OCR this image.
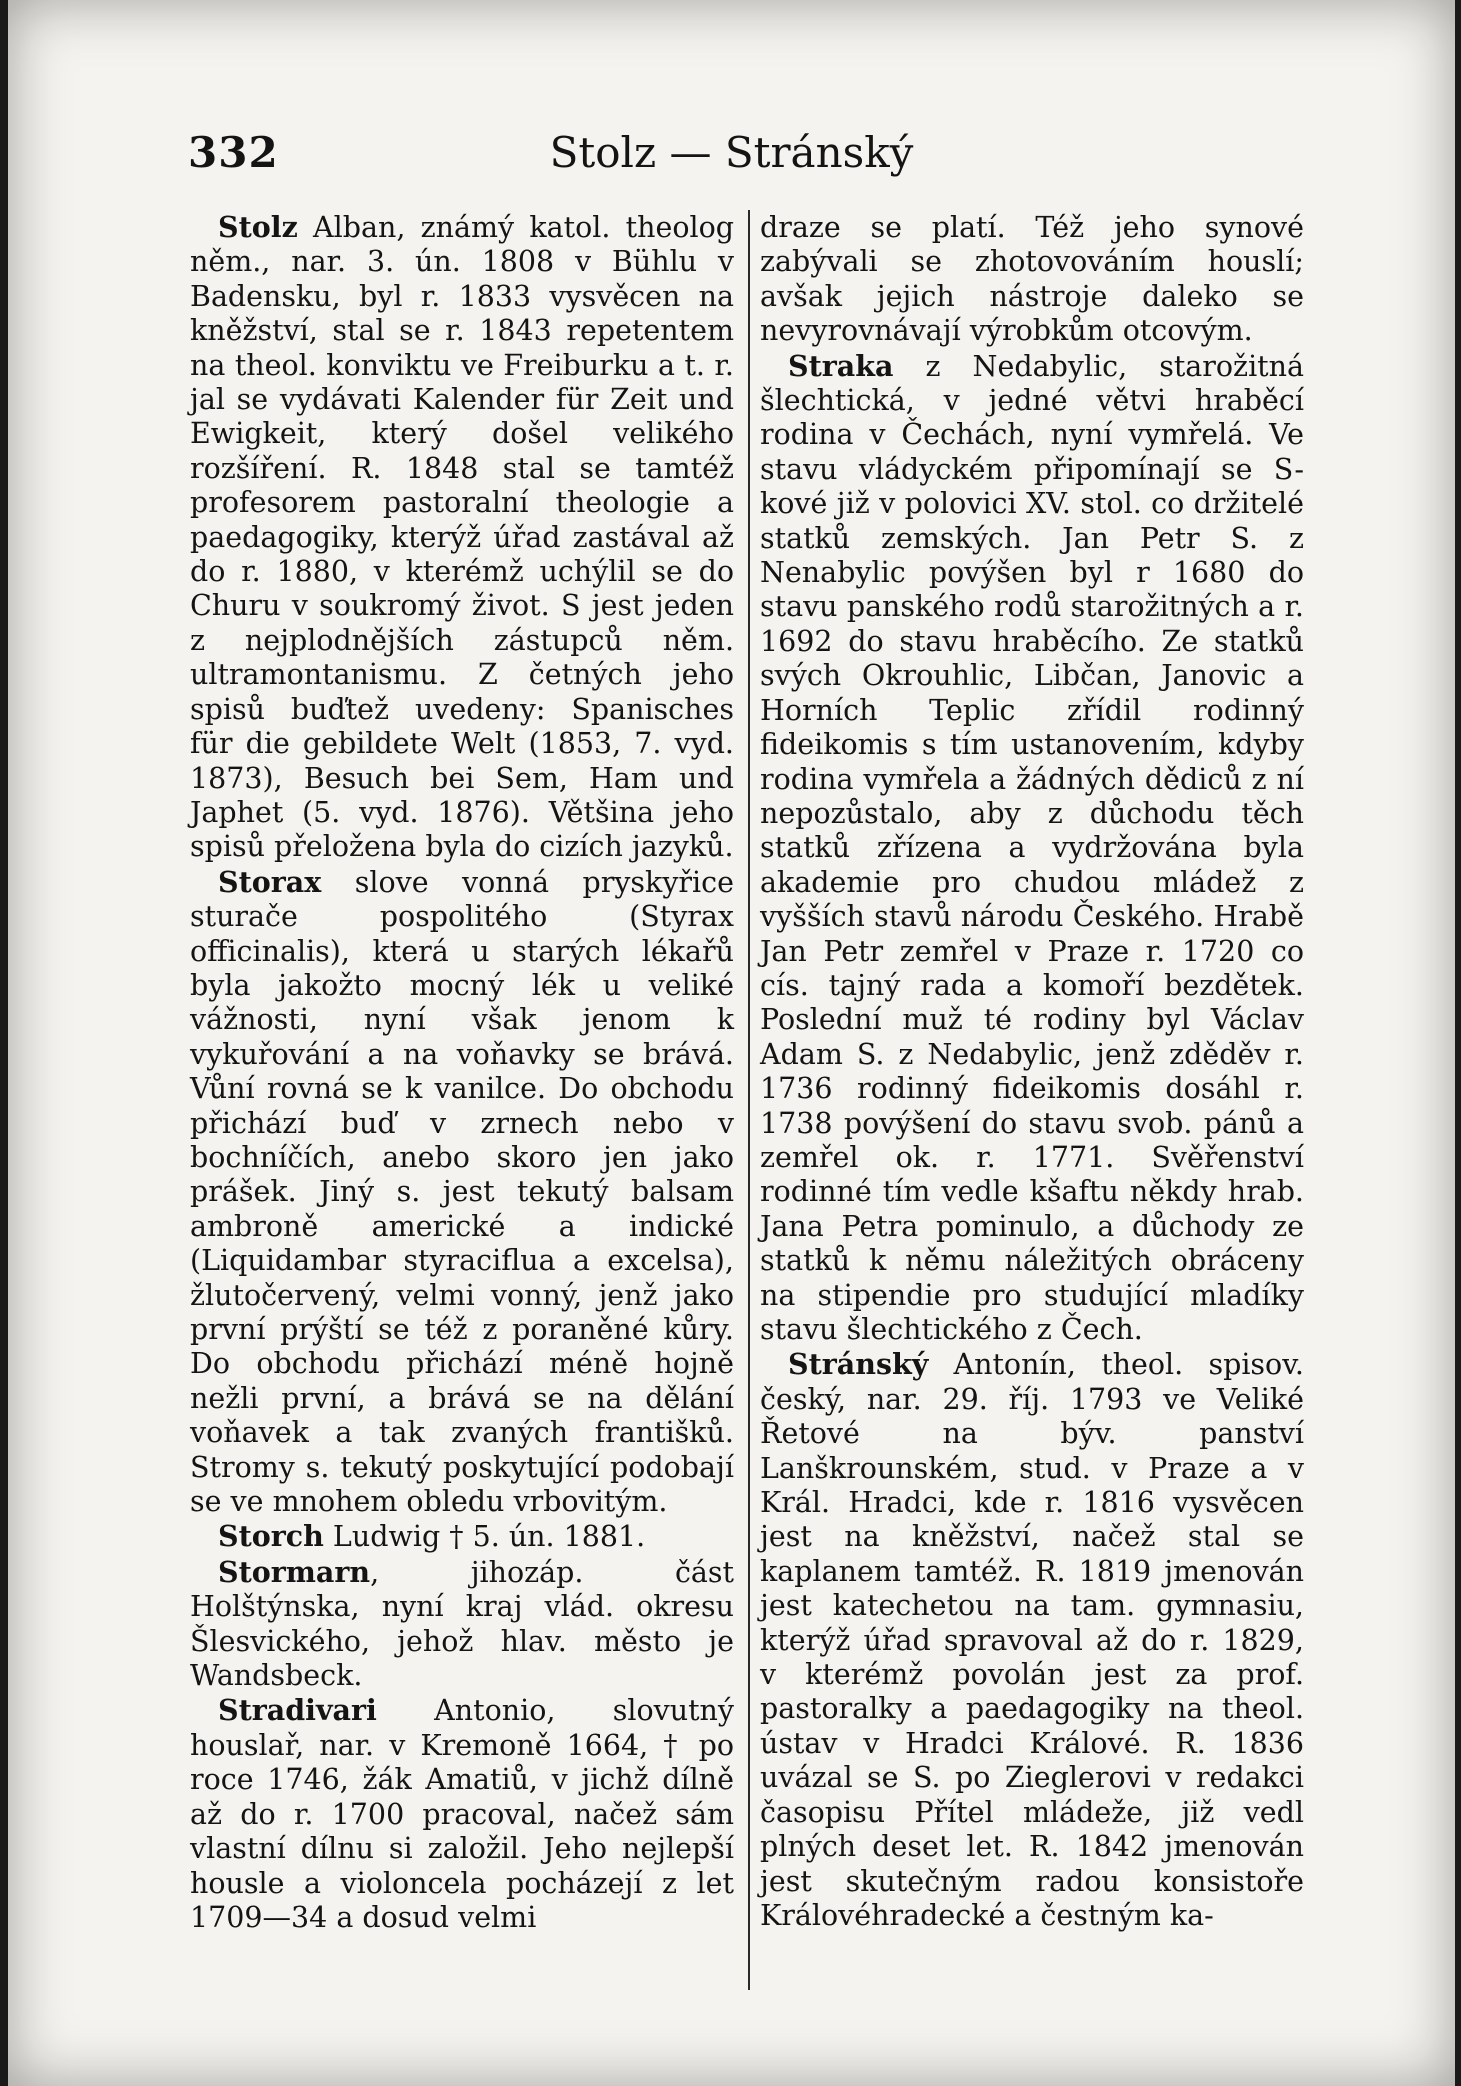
332	Stolz — Stránský

Stolz Alban, známý katol. theolog něm., nar. 3. ún. 1808 v Bühlu v Badensku, byl r. 1833 vysvěcen na kněžství, stal se r. 1843 repetentem na theol. konviktu ve Freiburku a t. r. jal se vydávati Kalender für Zeit und Ewigkeit, který došel velikého rozšíření. R. 1848 stal se tamtéž profesorem pastoralní theologie a paedagogiky, kterýž úřad zastával až do r. 1880, v kterémž uchýlil se do Churu v soukromý život. S jest jeden z nejplodnějších zástupců něm. ultramontanismu. Z četných jeho spisů buďtež uvedeny: Spanisches für die gebildete Welt (1853, 7. vyd. 1873), Besuch bei Sem, Ham und Japhet (5. vyd. 1876). Většina jeho spisů přeložena byla do cizích jazyků.

Storax slove vonná pryskyřice sturače pospolitého (Styrax officinalis), která u starých lékařů byla jakožto mocný lék u veliké vážnosti, nyní však jenom k vykuřování a na voňavky se brává. Vůní rovná se k vanilce. Do obchodu přichází buď v zrnech nebo v bochníčích, anebo skoro jen jako prášek. Jiný s. jest tekutý balsam ambroně americké a indické (Liquidambar styraciflua a excelsa), žlutočervený, velmi vonný, jenž jako první prýští se též z poraněné kůry. Do obchodu přichází méně hojně nežli první, a brává se na dělání voňavek a tak zvaných františků. Stromy s. tekutý poskytující podobají se ve mnohem obledu vrbovitým.

Storch Ludwig † 5. ún. 1881.

Stormarn, jihozáp. část Holštýnska, nyní kraj vlád. okresu Šlesvického, jehož hlav. město je Wandsbeck.

Stradivari Antonio, slovutný houslař, nar. v Kremoně 1664, † po roce 1746, žák Amatiů, v jichž dílně až do r. 1700 pracoval, načež sám vlastní dílnu si založil. Jeho nejlepší housle a violoncela pocházejí z let 1709—34 a dosud velmi

draze se platí. Též jeho synové zabývali se zhotovováním houslí; avšak jejich nástroje daleko se nevyrovnávají výrobkům otcovým.

Straka z Nedabylic, starožitná šlechtická, v jedné větvi hraběcí rodina v Čechách, nyní vymřelá. Ve stavu vládyckém připomínají se S-kové již v polovici XV. stol. co držitelé statků zemských. Jan Petr S. z Nenabylic povýšen byl r 1680 do stavu panského rodů starožitných a r. 1692 do stavu hraběcího. Ze statků svých Okrouhlic, Libčan, Janovic a Horních Teplic zřídil rodinný fideikomis s tím ustanovením, kdyby rodina vymřela a žádných dědiců z ní nepozůstalo, aby z důchodu těch statků zřízena a vydržována byla akademie pro chudou mládež z vyšších stavů národu Českého. Hrabě Jan Petr zemřel v Praze r. 1720 co cís. tajný rada a komoří bezdětek. Poslední muž té rodiny byl Václav Adam S. z Nedabylic, jenž zděděv r. 1736 rodinný fideikomis dosáhl r. 1738 povýšení do stavu svob. pánů a zemřel ok. r. 1771. Svěřenství rodinné tím vedle kšaftu někdy hrab. Jana Petra pominulo, a důchody ze statků k němu náležitých obráceny na stipendie pro studující mladíky stavu šlechtického z Čech.

Stránský Antonín, theol. spisov. český, nar. 29. říj. 1793 ve Veliké Řetové na býv. panství Lanškrounském, stud. v Praze a v Král. Hradci, kde r. 1816 vysvěcen jest na kněžství, načež stal se kaplanem tamtéž. R. 1819 jmenován jest katechetou na tam. gymnasiu, kterýž úřad spravoval až do r. 1829, v kterémž povolán jest za prof. pastoralky a paedagogiky na theol. ústav v Hradci Králové. R. 1836 uvázal se S. po Zieglerovi v redakci časopisu Přítel mládeže, již vedl plných deset let. R. 1842 jmenován jest skutečným radou konsistoře Královéhradecké a čestným ka-
